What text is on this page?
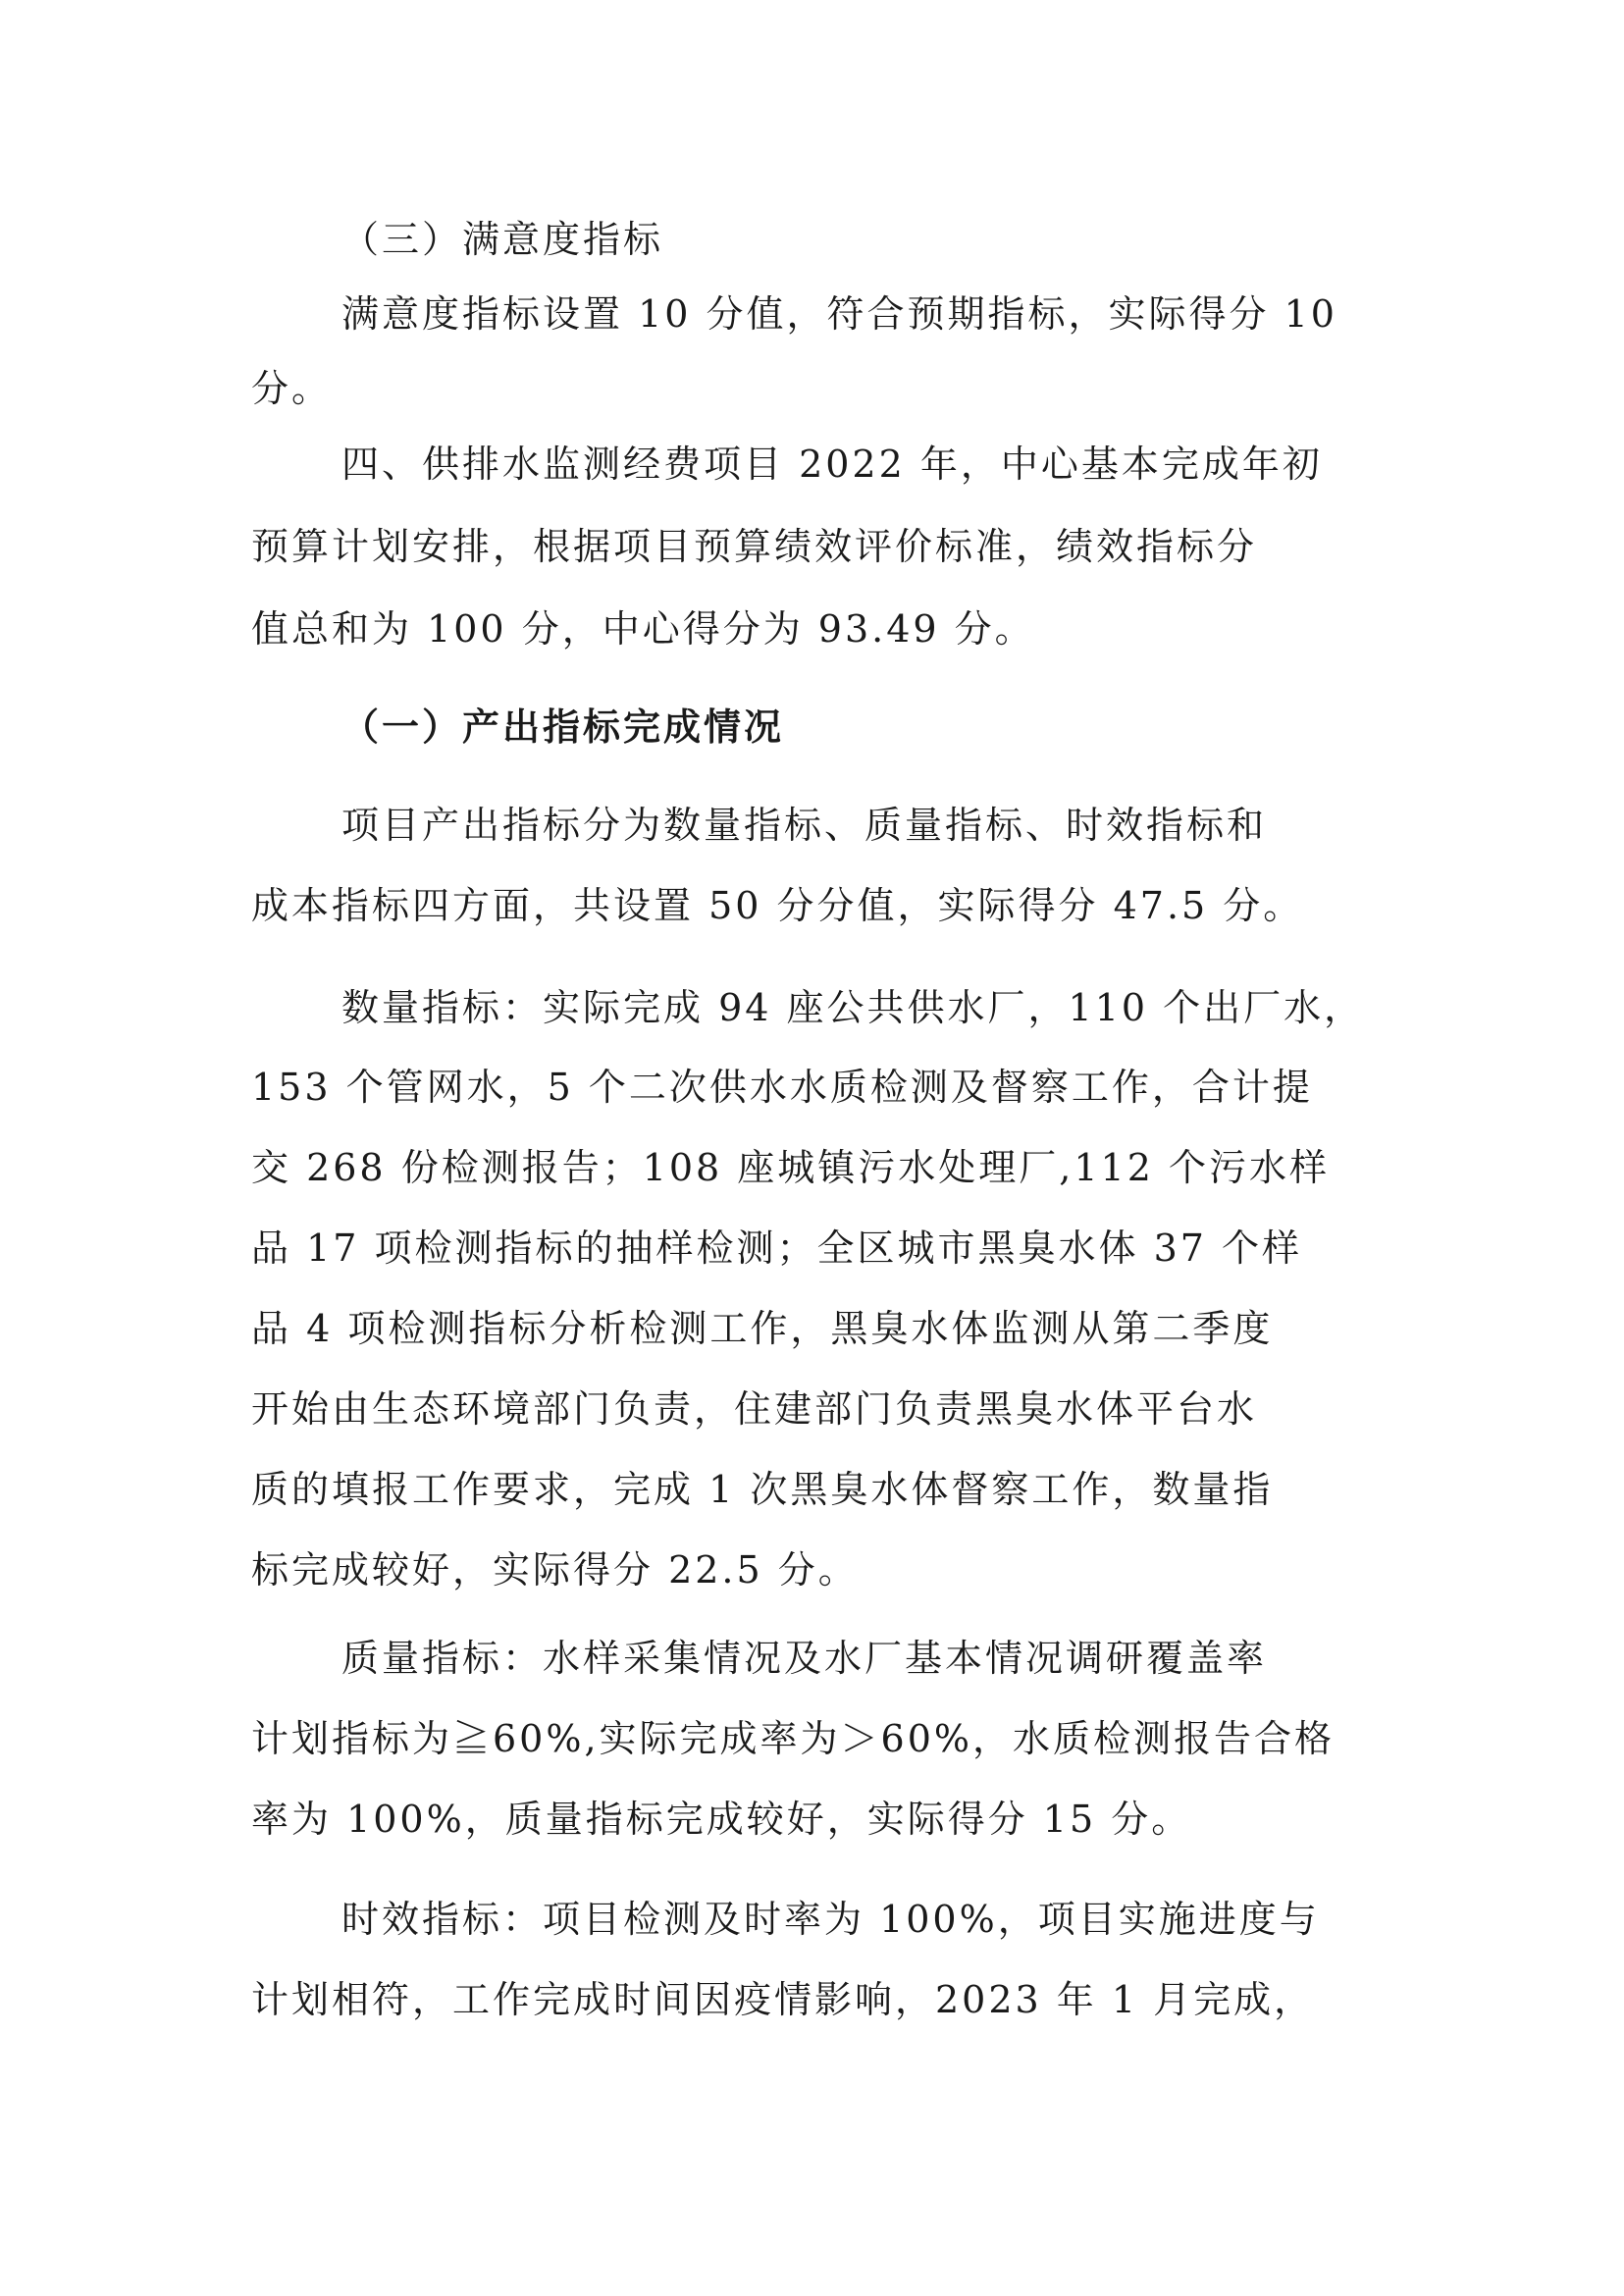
（三）满意度指标
满意度指标设置 10 分值，符合预期指标，实际得分 10
分。
四、供排水监测经费项目 2022 年，中心基本完成年初
预算计划安排，根据项目预算绩效评价标准，绩效指标分
值总和为 100 分，中心得分为 93.49 分。
（一）产出指标完成情况
项目产出指标分为数量指标、质量指标、时效指标和
成本指标四方面，共设置 50 分分值，实际得分 47.5 分。
数量指标：实际完成 94 座公共供水厂，110 个出厂水，
153 个管网水，5 个二次供水水质检测及督察工作，合计提
交 268 份检测报告；108 座城镇污水处理厂,112 个污水样
品 17 项检测指标的抽样检测；全区城市黑臭水体 37 个样
品 4 项检测指标分析检测工作，黑臭水体监测从第二季度
开始由生态环境部门负责，住建部门负责黑臭水体平台水
质的填报工作要求，完成 1 次黑臭水体督察工作，数量指
标完成较好，实际得分 22.5 分。
质量指标：水样采集情况及水厂基本情况调研覆盖率
计划指标为≧60%,实际完成率为＞60%，水质检测报告合格
率为 100%，质量指标完成较好，实际得分 15 分。
时效指标：项目检测及时率为 100%，项目实施进度与
计划相符，工作完成时间因疫情影响，2023 年 1 月完成，
